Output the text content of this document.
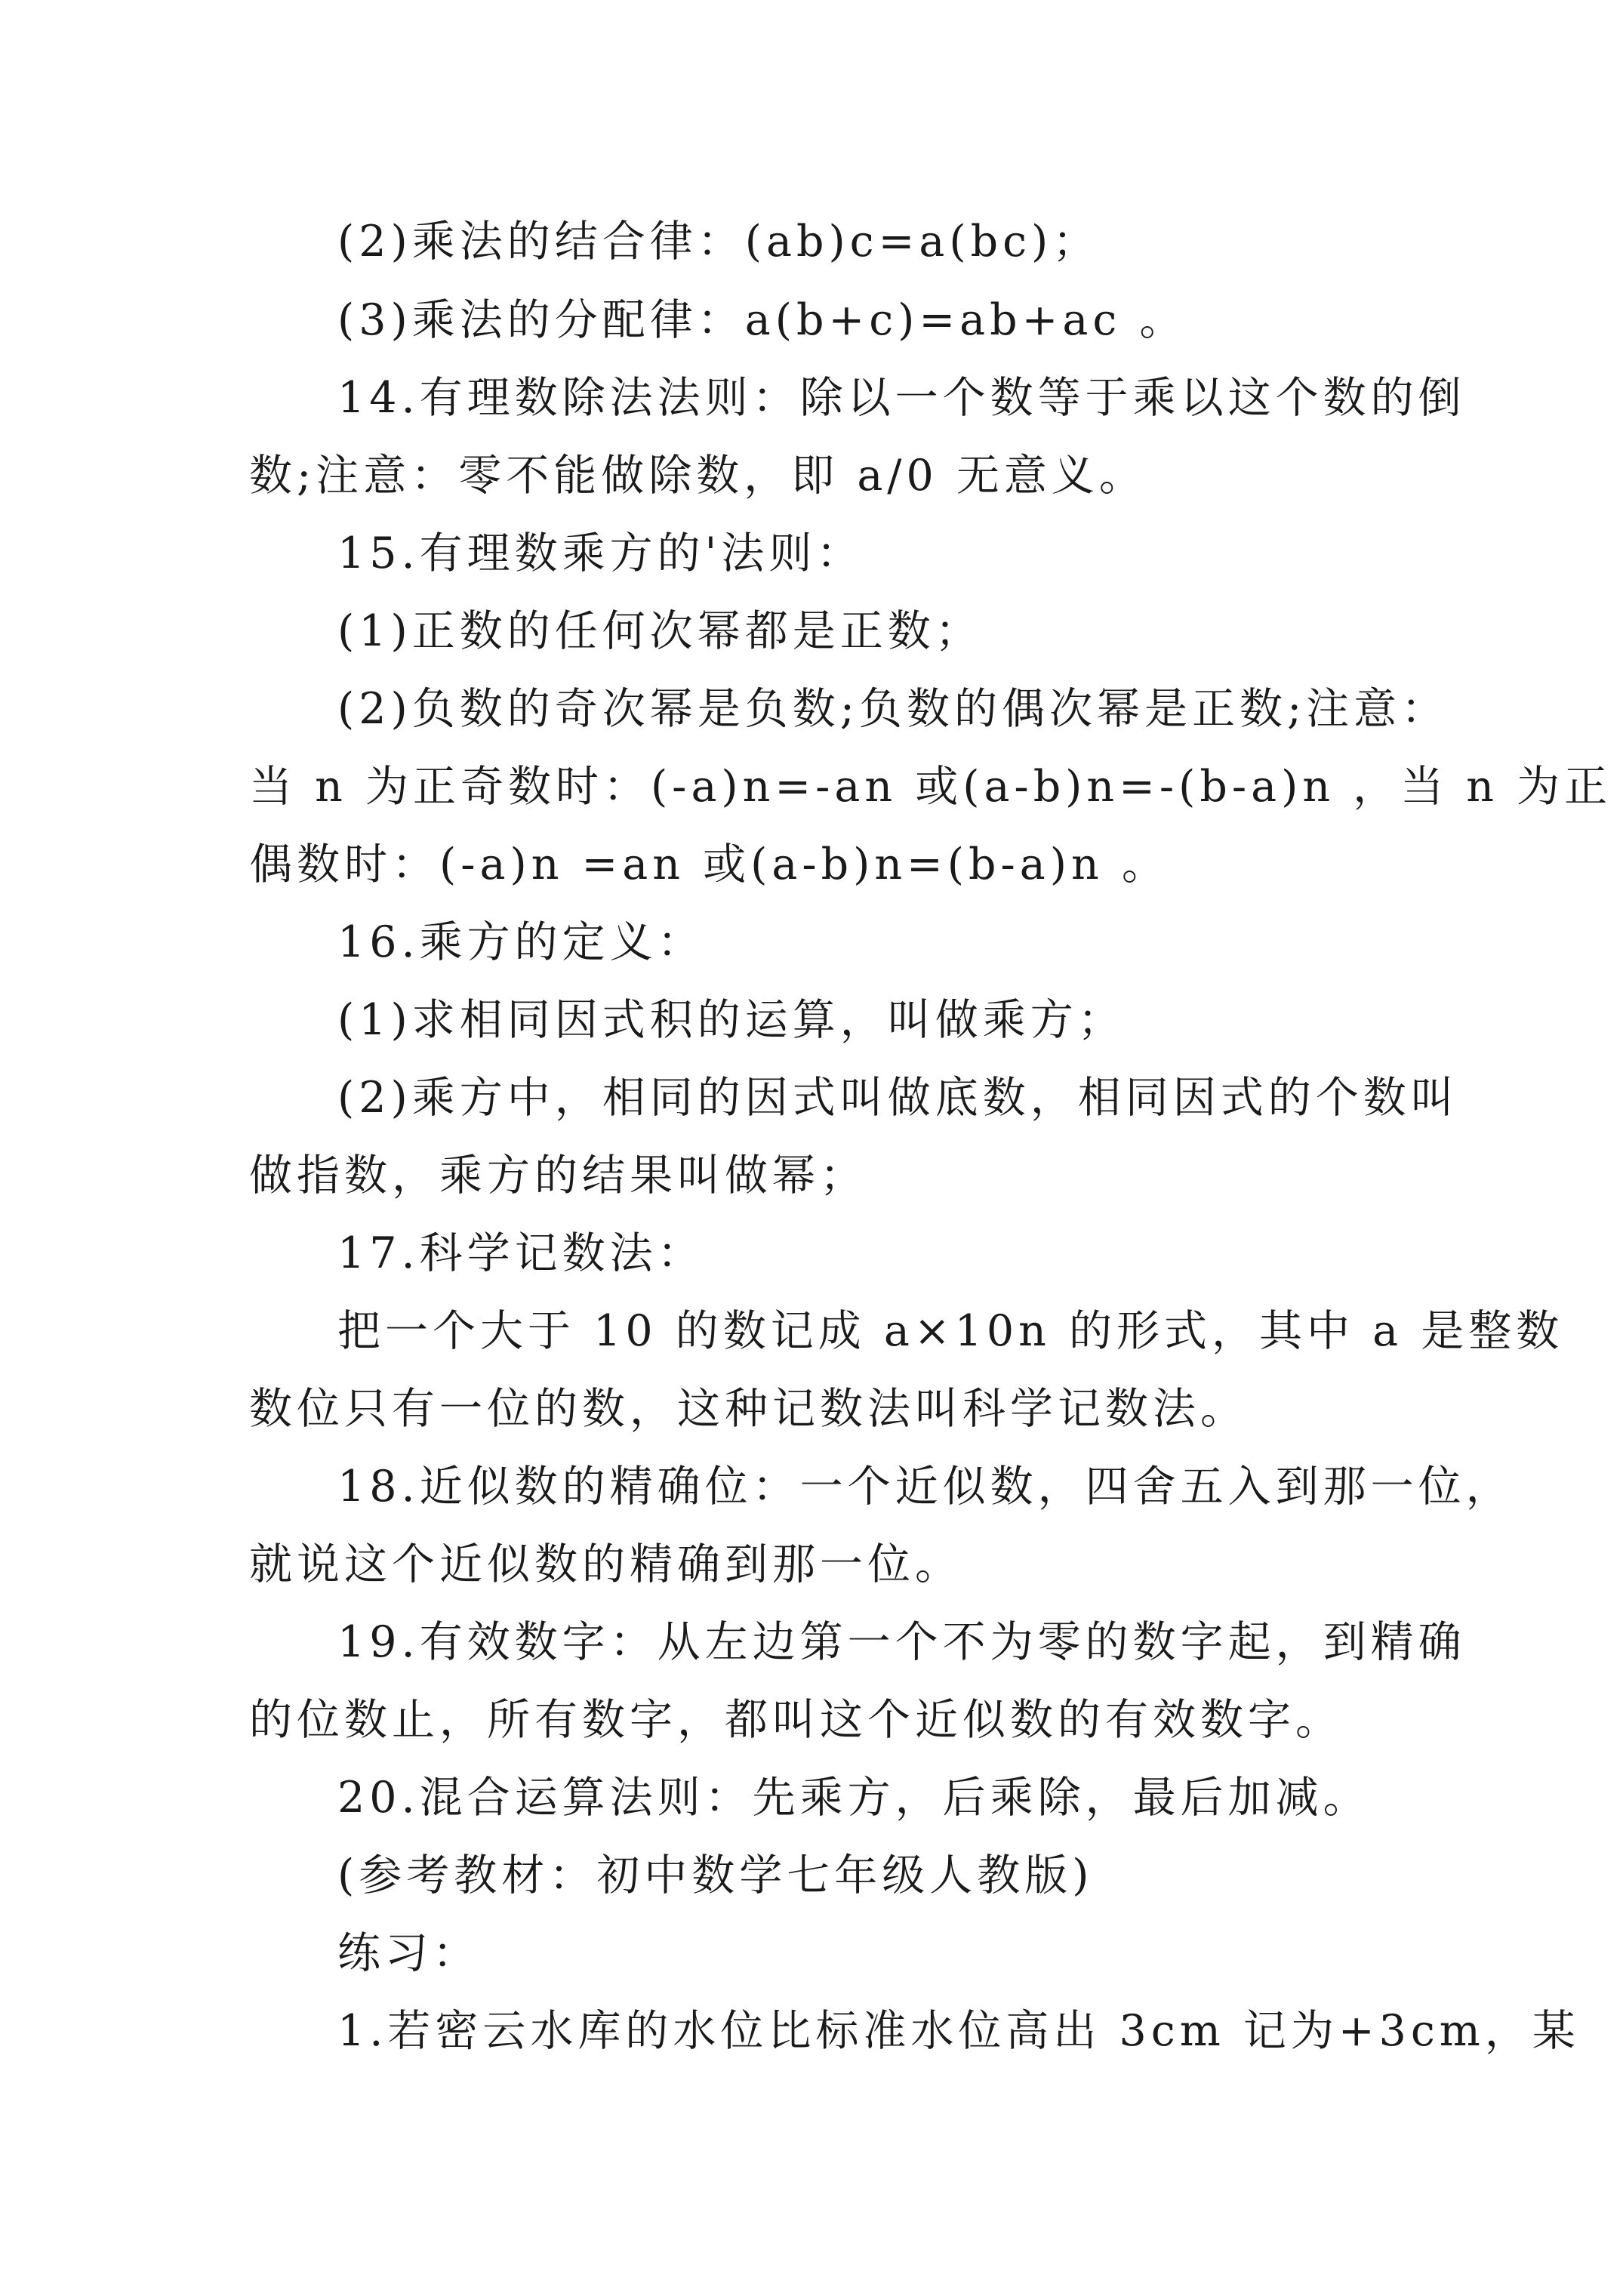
(2)乘法的结合律：(ab)c=a(bc)；
(3)乘法的分配律：a(b+c)=ab+ac 。
14.有理数除法法则：除以一个数等于乘以这个数的倒
数;注意：零不能做除数，即 a/0 无意义。
15.有理数乘方的'法则：
(1)正数的任何次幂都是正数；
(2)负数的奇次幂是负数;负数的偶次幂是正数;注意：
当 n 为正奇数时：(-a)n=-an 或(a-b)n=-(b-a)n ，当 n 为正
偶数时：(-a)n =an 或(a-b)n=(b-a)n 。
16.乘方的定义：
(1)求相同因式积的运算，叫做乘方；
(2)乘方中，相同的因式叫做底数，相同因式的个数叫
做指数，乘方的结果叫做幂；
17.科学记数法：
把一个大于 10 的数记成 a×10n 的形式，其中 a 是整数
数位只有一位的数，这种记数法叫科学记数法。
18.近似数的精确位：一个近似数，四舍五入到那一位，
就说这个近似数的精确到那一位。
19.有效数字：从左边第一个不为零的数字起，到精确
的位数止，所有数字，都叫这个近似数的有效数字。
20.混合运算法则：先乘方，后乘除，最后加减。
(参考教材：初中数学七年级人教版)
练习：
1.若密云水库的水位比标准水位高出 3cm 记为+3cm，某
